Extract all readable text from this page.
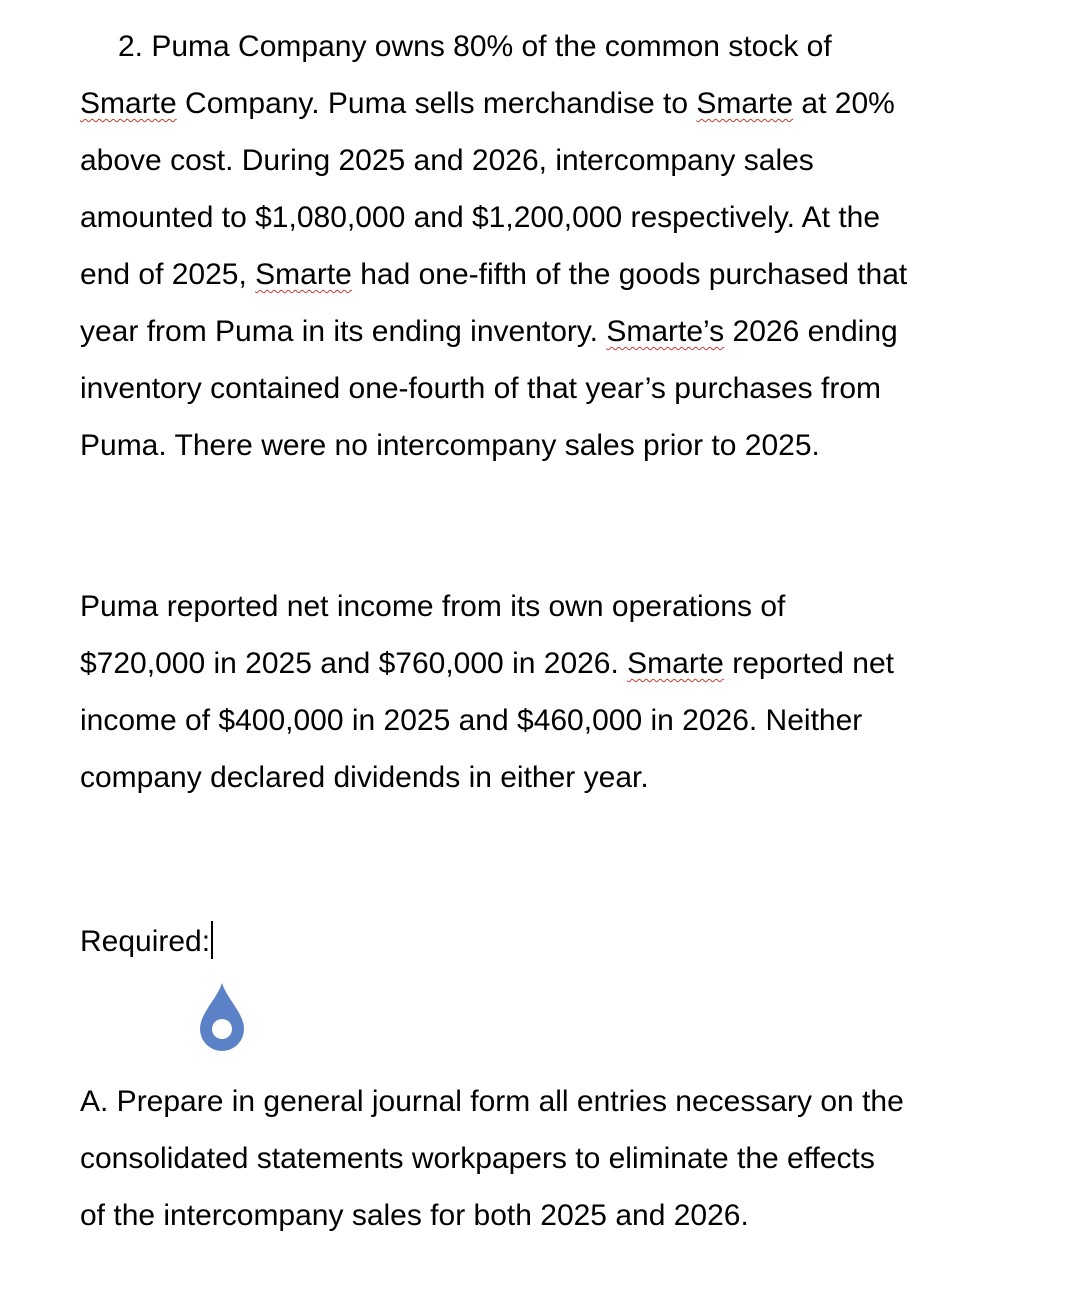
2. Puma Company owns 80% of the common stock of
Smarte Company. Puma sells merchandise to Smarte at 20%
above cost. During 2025 and 2026, intercompany sales
amounted to $1,080,000 and $1,200,000 respectively. At the
end of 2025, Smarte had one-fifth of the goods purchased that
year from Puma in its ending inventory. Smarte’s 2026 ending
inventory contained one-fourth of that year’s purchases from
Puma. There were no intercompany sales prior to 2025.
Puma reported net income from its own operations of
$720,000 in 2025 and $760,000 in 2026. Smarte reported net
income of $400,000 in 2025 and $460,000 in 2026. Neither
company declared dividends in either year.
Required:
A. Prepare in general journal form all entries necessary on the
consolidated statements workpapers to eliminate the effects
of the intercompany sales for both 2025 and 2026.
